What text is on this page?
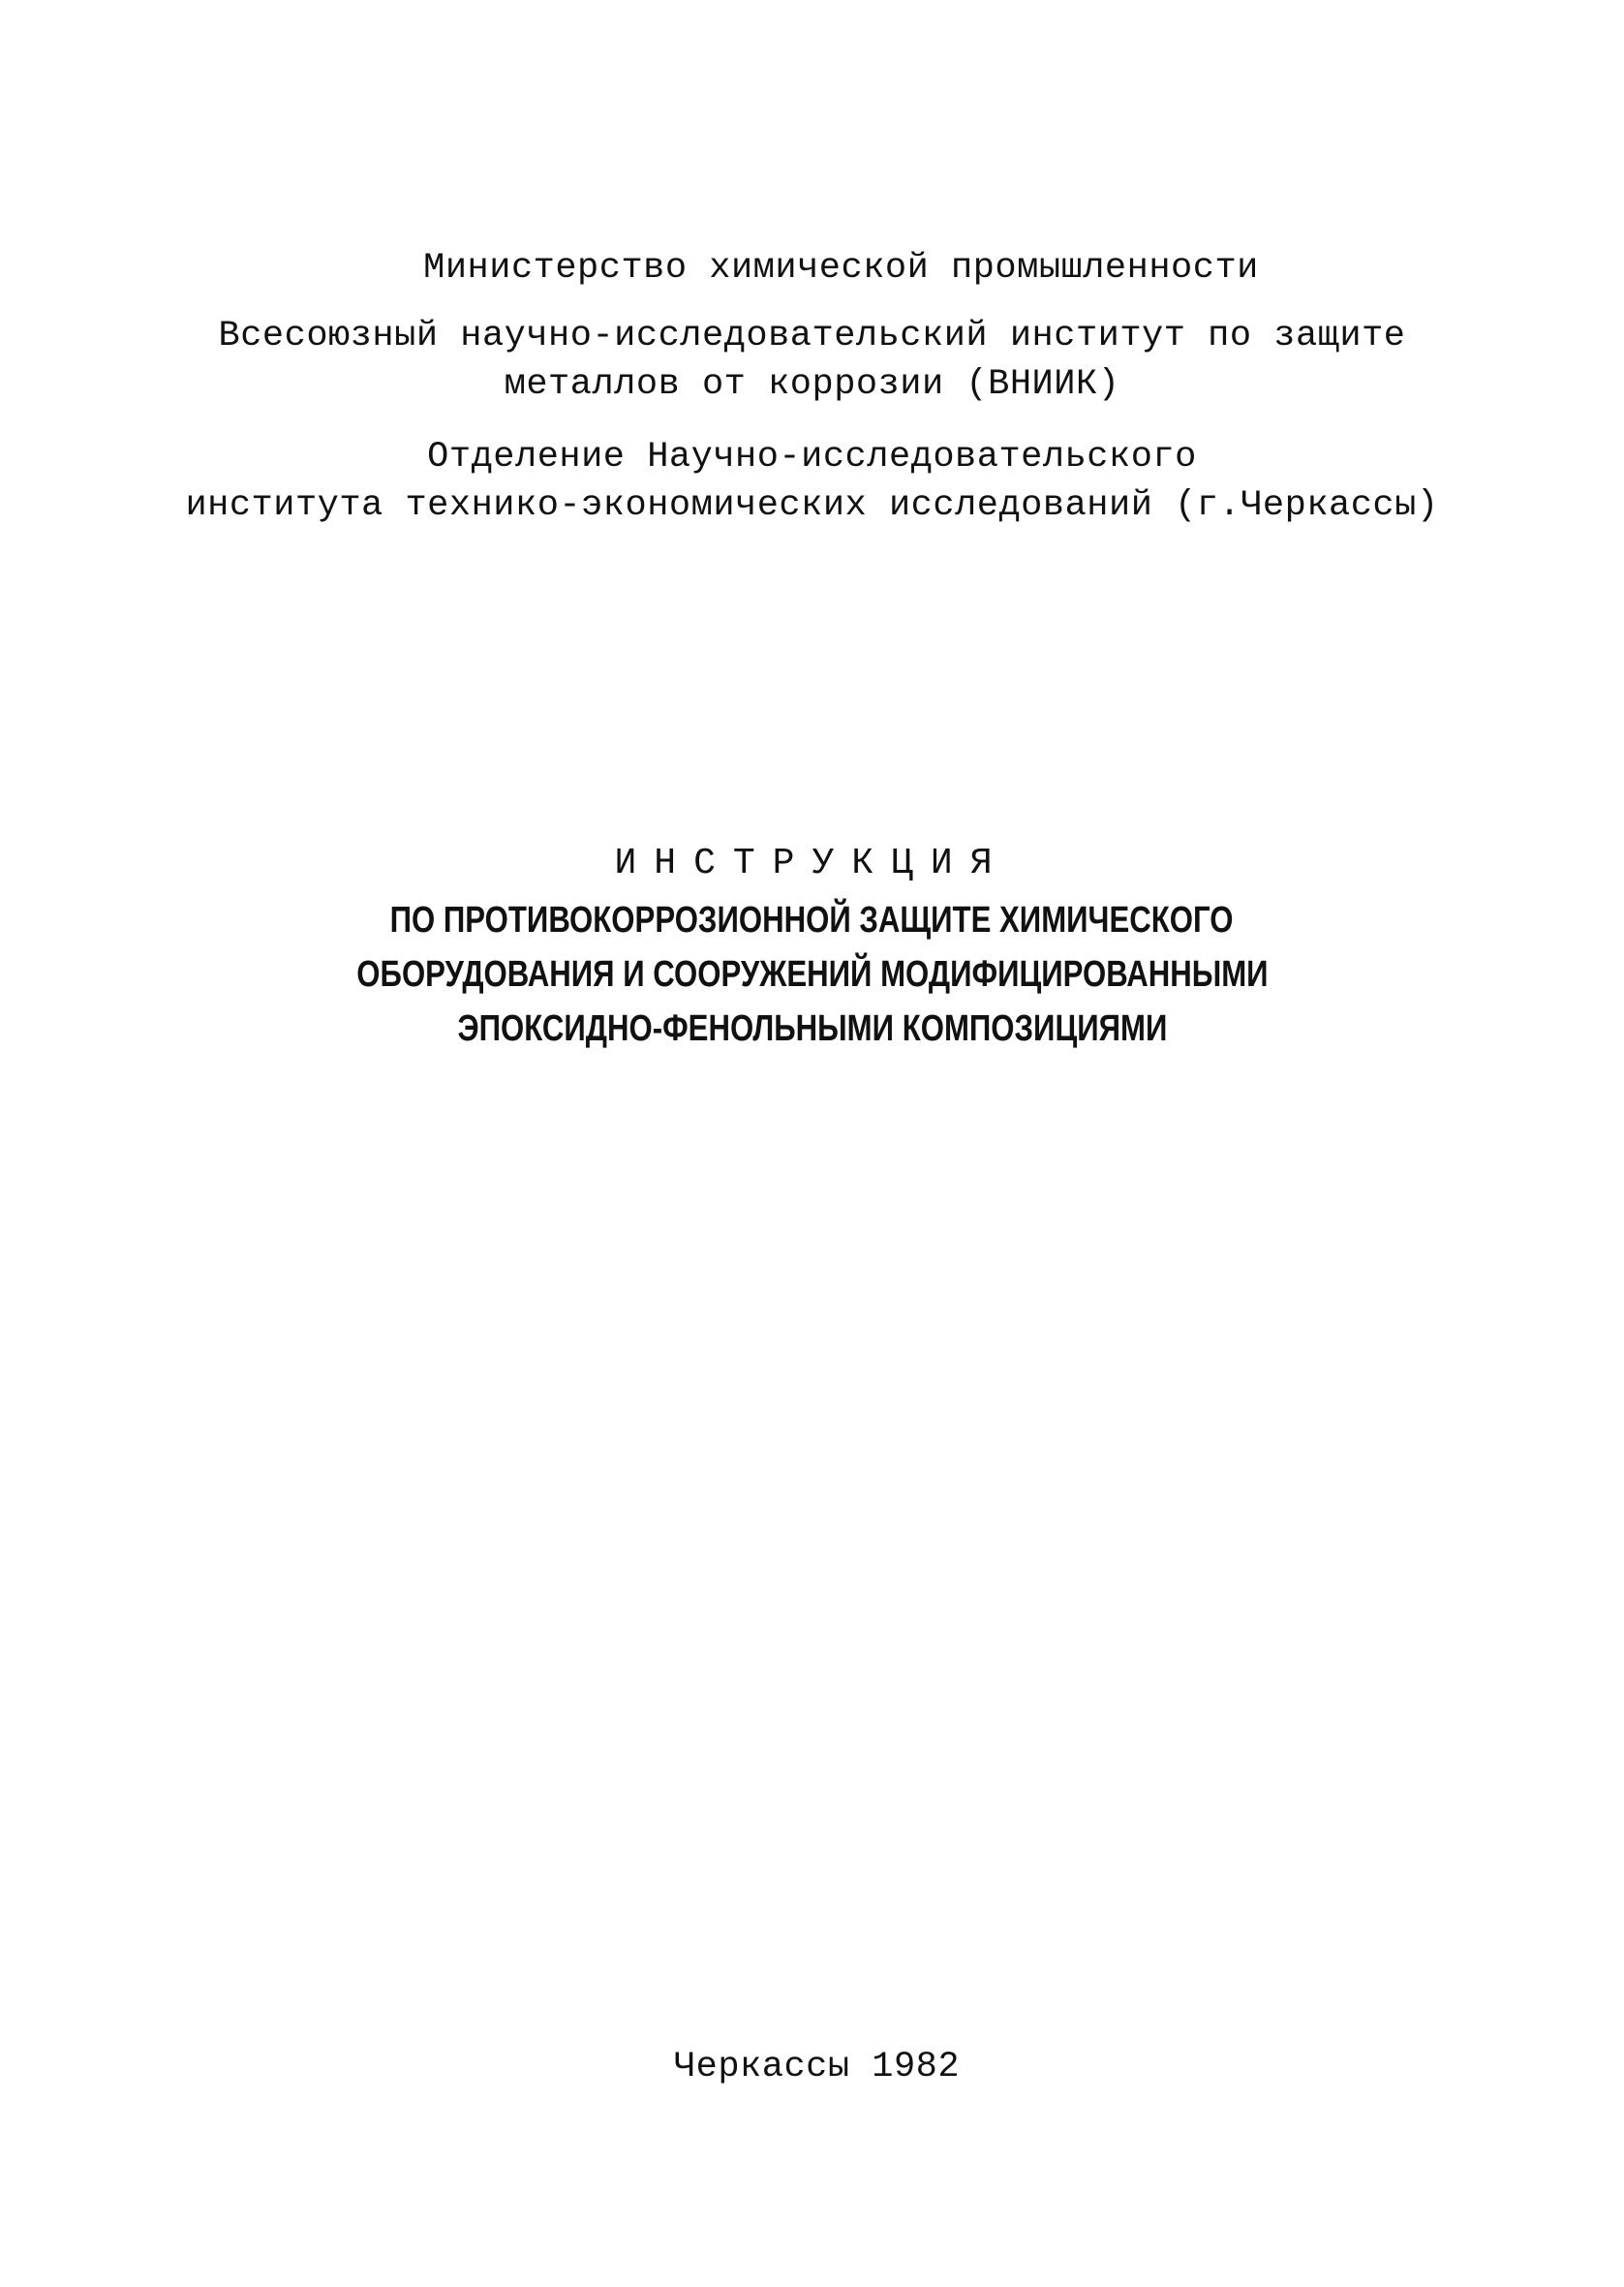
Министерство химической промышленности
Всесоюзный научно-исследовательский институт по защите
металлов от коррозии (ВНИИК)
Отделение Научно-исследовательского
института технико-экономических исследований (г.Черкассы)
ИНСТРУКЦИЯ
ПО ПРОТИВОКОРРОЗИОННОЙ ЗАЩИТЕ ХИМИЧЕСКОГО
ОБОРУДОВАНИЯ И СООРУЖЕНИЙ МОДИФИЦИРОВАННЫМИ
ЭПОКСИДНО-ФЕНОЛЬНЫМИ КОМПОЗИЦИЯМИ
Черкассы 1982
